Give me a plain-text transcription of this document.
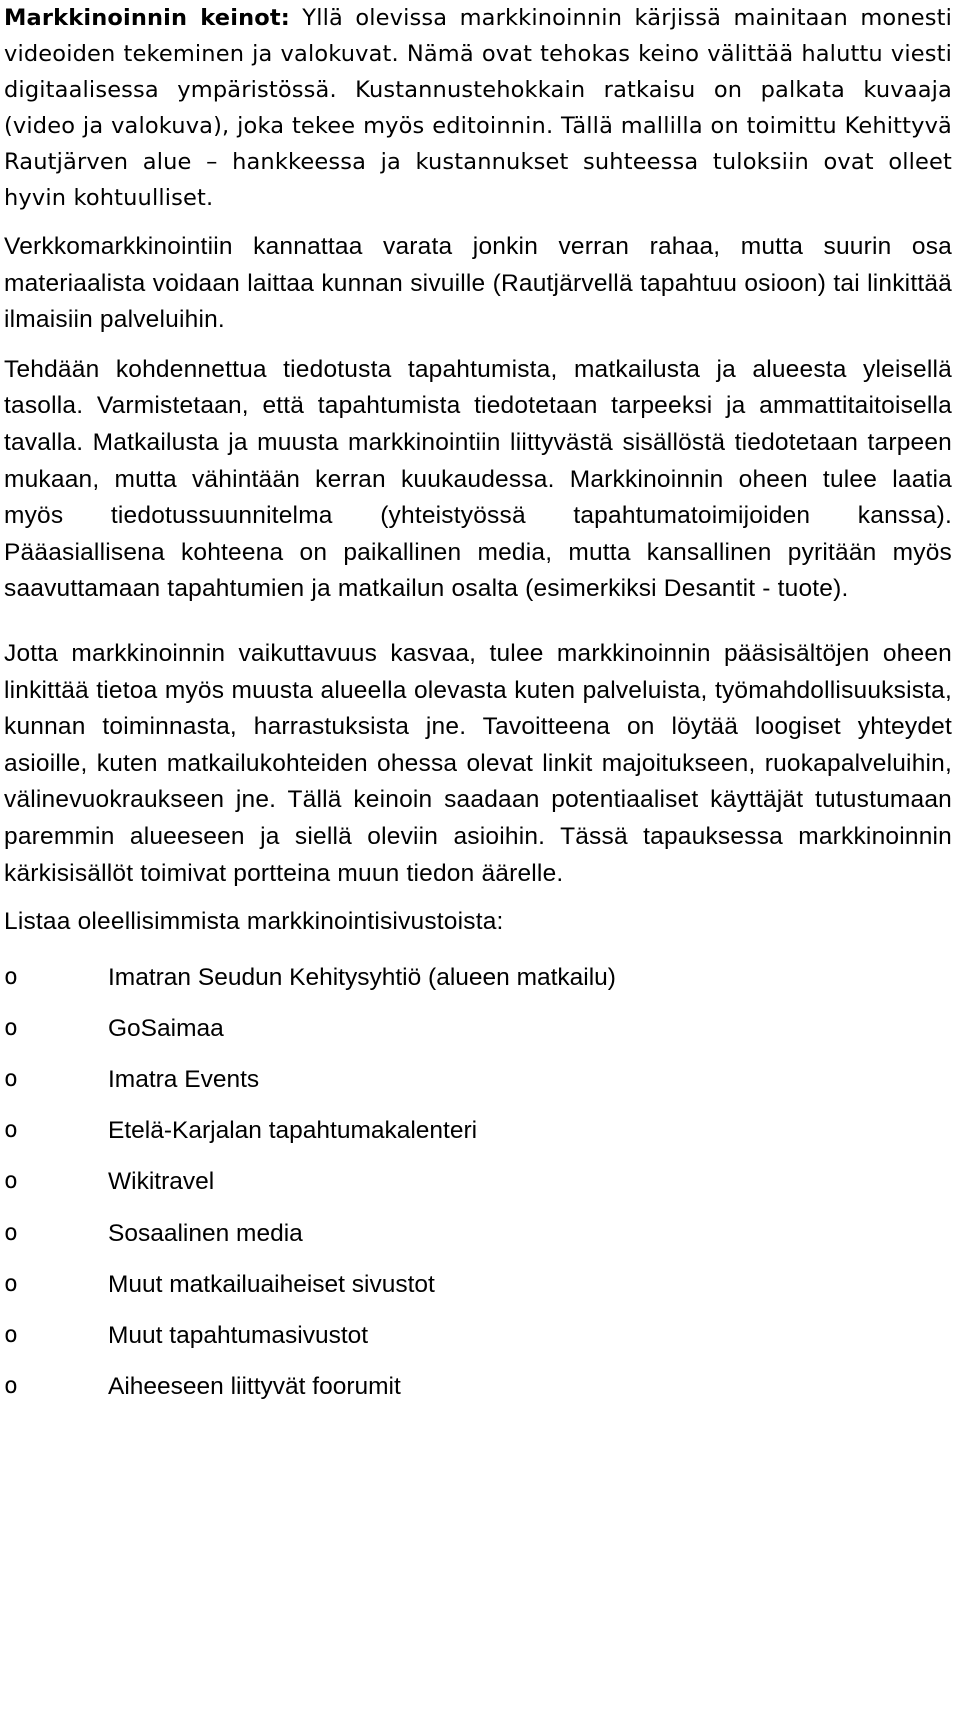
Markkinoinnin keinot: Yllä olevissa markkinoinnin kärjissä mainitaan monesti videoiden tekeminen ja valokuvat. Nämä ovat tehokas keino välittää haluttu viesti digitaalisessa ympäristössä. Kustannustehokkain ratkaisu on palkata kuvaaja (video ja valokuva), joka tekee myös editoinnin. Tällä mallilla on toimittu Kehittyvä Rautjärven alue – hankkeessa ja kustannukset suhteessa tuloksiin ovat olleet hyvin kohtuulliset.

Verkkomarkkinointiin kannattaa varata jonkin verran rahaa, mutta suurin osa materiaalista voidaan laittaa kunnan sivuille (Rautjärvellä tapahtuu osioon) tai linkittää ilmaisiin palveluihin.

Tehdään kohdennettua tiedotusta tapahtumista, matkailusta ja alueesta yleisellä tasolla. Varmistetaan, että tapahtumista tiedotetaan tarpeeksi ja ammattitaitoisella tavalla. Matkailusta ja muusta markkinointiin liittyvästä sisällöstä tiedotetaan tarpeen mukaan, mutta vähintään kerran kuukaudessa. Markkinoinnin oheen tulee laatia myös tiedotussuunnitelma (yhteistyössä tapahtumatoimijoiden kanssa). Pääasiallisena kohteena on paikallinen media, mutta kansallinen pyritään myös saavuttamaan tapahtumien ja matkailun osalta (esimerkiksi Desantit - tuote).

Jotta markkinoinnin vaikuttavuus kasvaa, tulee markkinoinnin pääsisältöjen oheen linkittää tietoa myös muusta alueella olevasta kuten palveluista, työmahdollisuuksista, kunnan toiminnasta, harrastuksista jne. Tavoitteena on löytää loogiset yhteydet asioille, kuten matkailukohteiden ohessa olevat linkit majoitukseen, ruokapalveluihin, välinevuokraukseen jne. Tällä keinoin saadaan potentiaaliset käyttäjät tutustumaan paremmin alueeseen ja siellä oleviin asioihin. Tässä tapauksessa markkinoinnin kärkisisällöt toimivat portteina muun tiedon äärelle.

Listaa oleellisimmista markkinointisivustoista:

o	Imatran Seudun Kehitysyhtiö (alueen matkailu)
o	GoSaimaa
o	Imatra Events
o	Etelä-Karjalan tapahtumakalenteri
o	Wikitravel
o	Sosaalinen media
o	Muut matkailuaiheiset sivustot
o	Muut tapahtumasivustot
o	Aiheeseen liittyvät foorumit
